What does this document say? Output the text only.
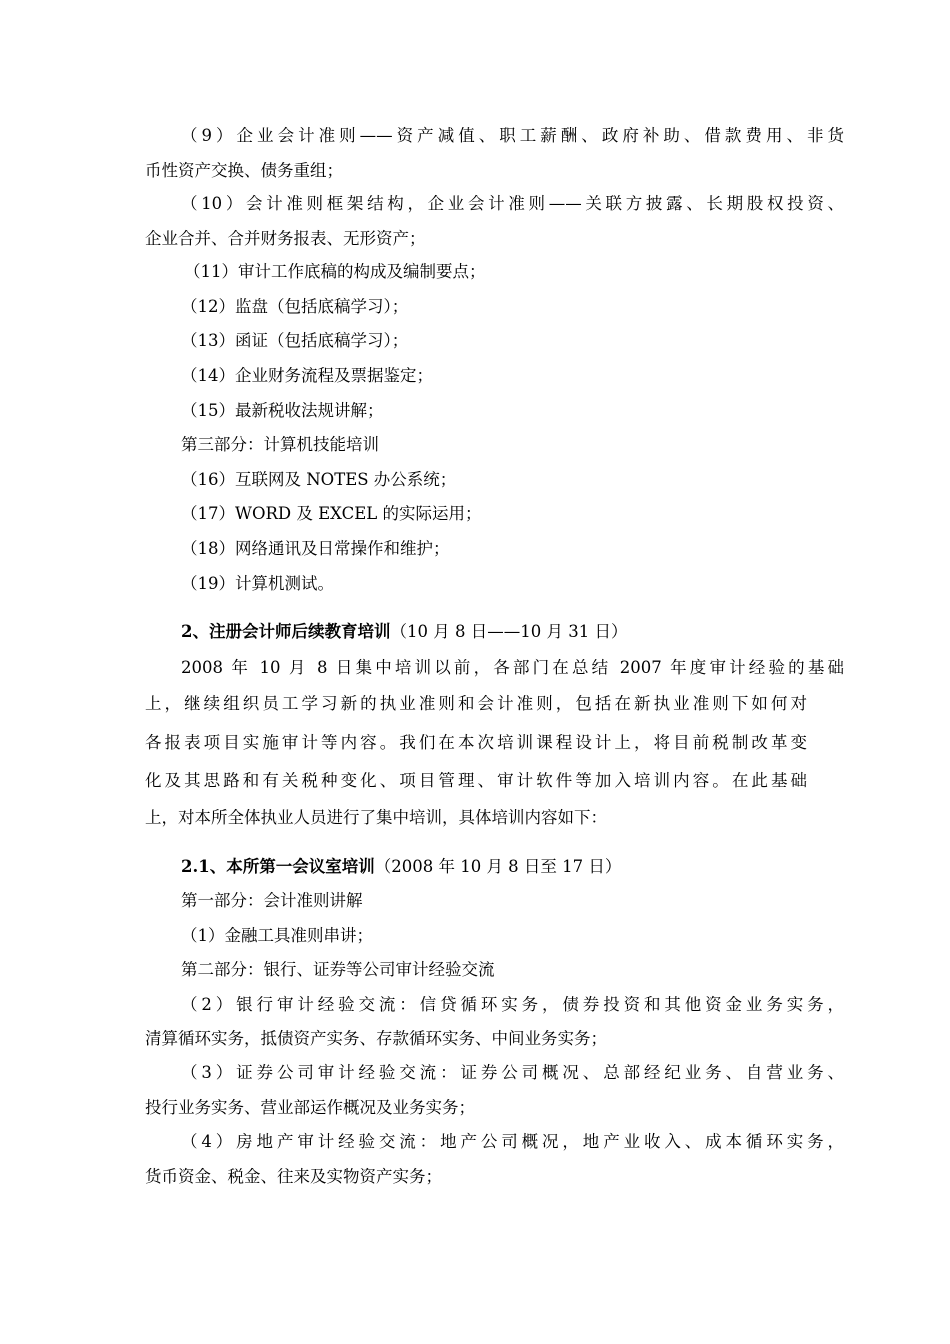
（9）企业会计准则——资产减值、职工薪酬、政府补助、借款费用、非货
币性资产交换、债务重组；
（10）会计准则框架结构，企业会计准则——关联方披露、长期股权投资、
企业合并、合并财务报表、无形资产；
（11）审计工作底稿的构成及编制要点；
（12）监盘（包括底稿学习）；
（13）函证（包括底稿学习）；
（14）企业财务流程及票据鉴定；
（15）最新税收法规讲解；
第三部分：计算机技能培训
（16）互联网及 NOTES 办公系统；
（17）WORD 及 EXCEL 的实际运用；
（18）网络通讯及日常操作和维护；
（19）计算机测试。
2、注册会计师后续教育培训（10 月 8 日——10 月 31 日）
2008 年 10 月 8 日集中培训以前，各部门在总结 2007 年度审计经验的基础
上，继续组织员工学习新的执业准则和会计准则，包括在新执业准则下如何对
各报表项目实施审计等内容。我们在本次培训课程设计上，将目前税制改革变
化及其思路和有关税种变化、项目管理、审计软件等加入培训内容。在此基础
上，对本所全体执业人员进行了集中培训，具体培训内容如下：
2.1、本所第一会议室培训（2008 年 10 月 8 日至 17 日）
第一部分：会计准则讲解
（1）金融工具准则串讲；
第二部分：银行、证券等公司审计经验交流
（2）银行审计经验交流：信贷循环实务，债券投资和其他资金业务实务，
清算循环实务，抵债资产实务、存款循环实务、中间业务实务；
（3）证券公司审计经验交流：证券公司概况、总部经纪业务、自营业务、
投行业务实务、营业部运作概况及业务实务；
（4）房地产审计经验交流：地产公司概况，地产业收入、成本循环实务，
货币资金、税金、往来及实物资产实务；
